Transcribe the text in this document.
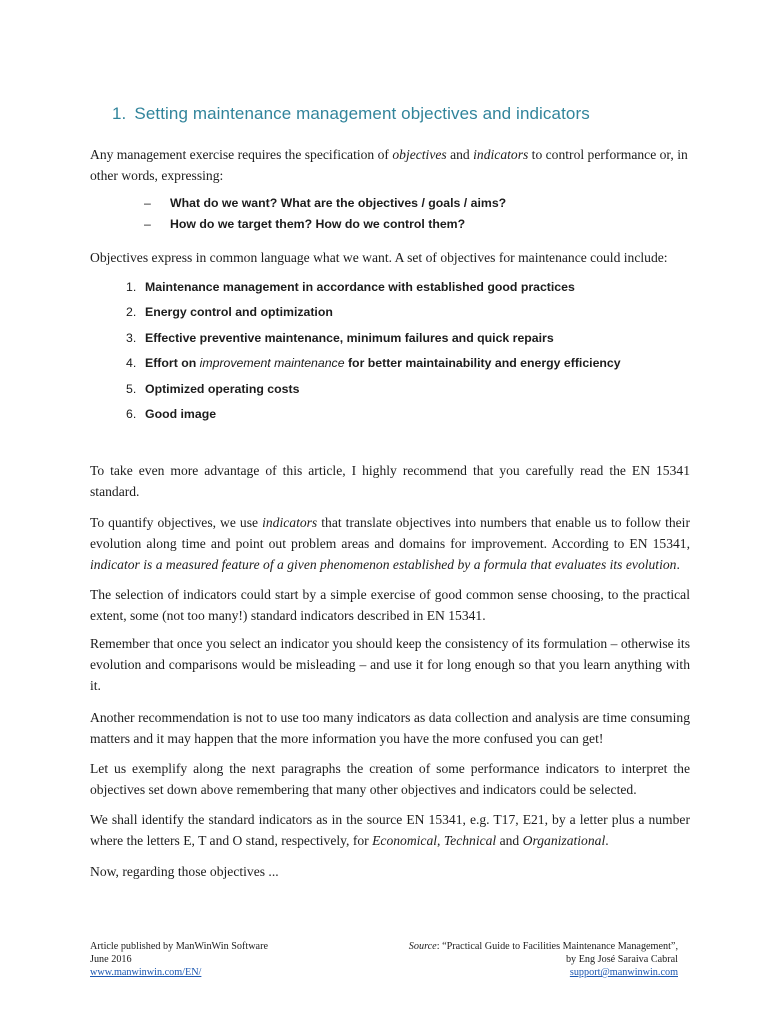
1. Setting maintenance management objectives and indicators

Any management exercise requires the specification of objectives and indicators to control performance or, in other words, expressing:

– What do we want? What are the objectives / goals / aims?
– How do we target them? How do we control them?

Objectives express in common language what we want. A set of objectives for maintenance could include:

1. Maintenance management in accordance with established good practices
2. Energy control and optimization
3. Effective preventive maintenance, minimum failures and quick repairs
4. Effort on improvement maintenance for better maintainability and energy efficiency
5. Optimized operating costs
6. Good image

To take even more advantage of this article, I highly recommend that you carefully read the EN 15341 standard.

To quantify objectives, we use indicators that translate objectives into numbers that enable us to follow their evolution along time and point out problem areas and domains for improvement. According to EN 15341, indicator is a measured feature of a given phenomenon established by a formula that evaluates its evolution.

The selection of indicators could start by a simple exercise of good common sense choosing, to the practical extent, some (not too many!) standard indicators described in EN 15341.

Remember that once you select an indicator you should keep the consistency of its formulation – otherwise its evolution and comparisons would be misleading – and use it for long enough so that you learn anything with it.

Another recommendation is not to use too many indicators as data collection and analysis are time consuming matters and it may happen that the more information you have the more confused you can get!

Let us exemplify along the next paragraphs the creation of some performance indicators to interpret the objectives set down above remembering that many other objectives and indicators could be selected.

We shall identify the standard indicators as in the source EN 15341, e.g. T17, E21, by a letter plus a number where the letters E, T and O stand, respectively, for Economical, Technical and Organizational.

Now, regarding those objectives ...

Article published by ManWinWin Software
June 2016
www.manwinwin.com/EN/
Source: “Practical Guide to Facilities Maintenance Management”,
by Eng José Saraiva Cabral
support@manwinwin.com
